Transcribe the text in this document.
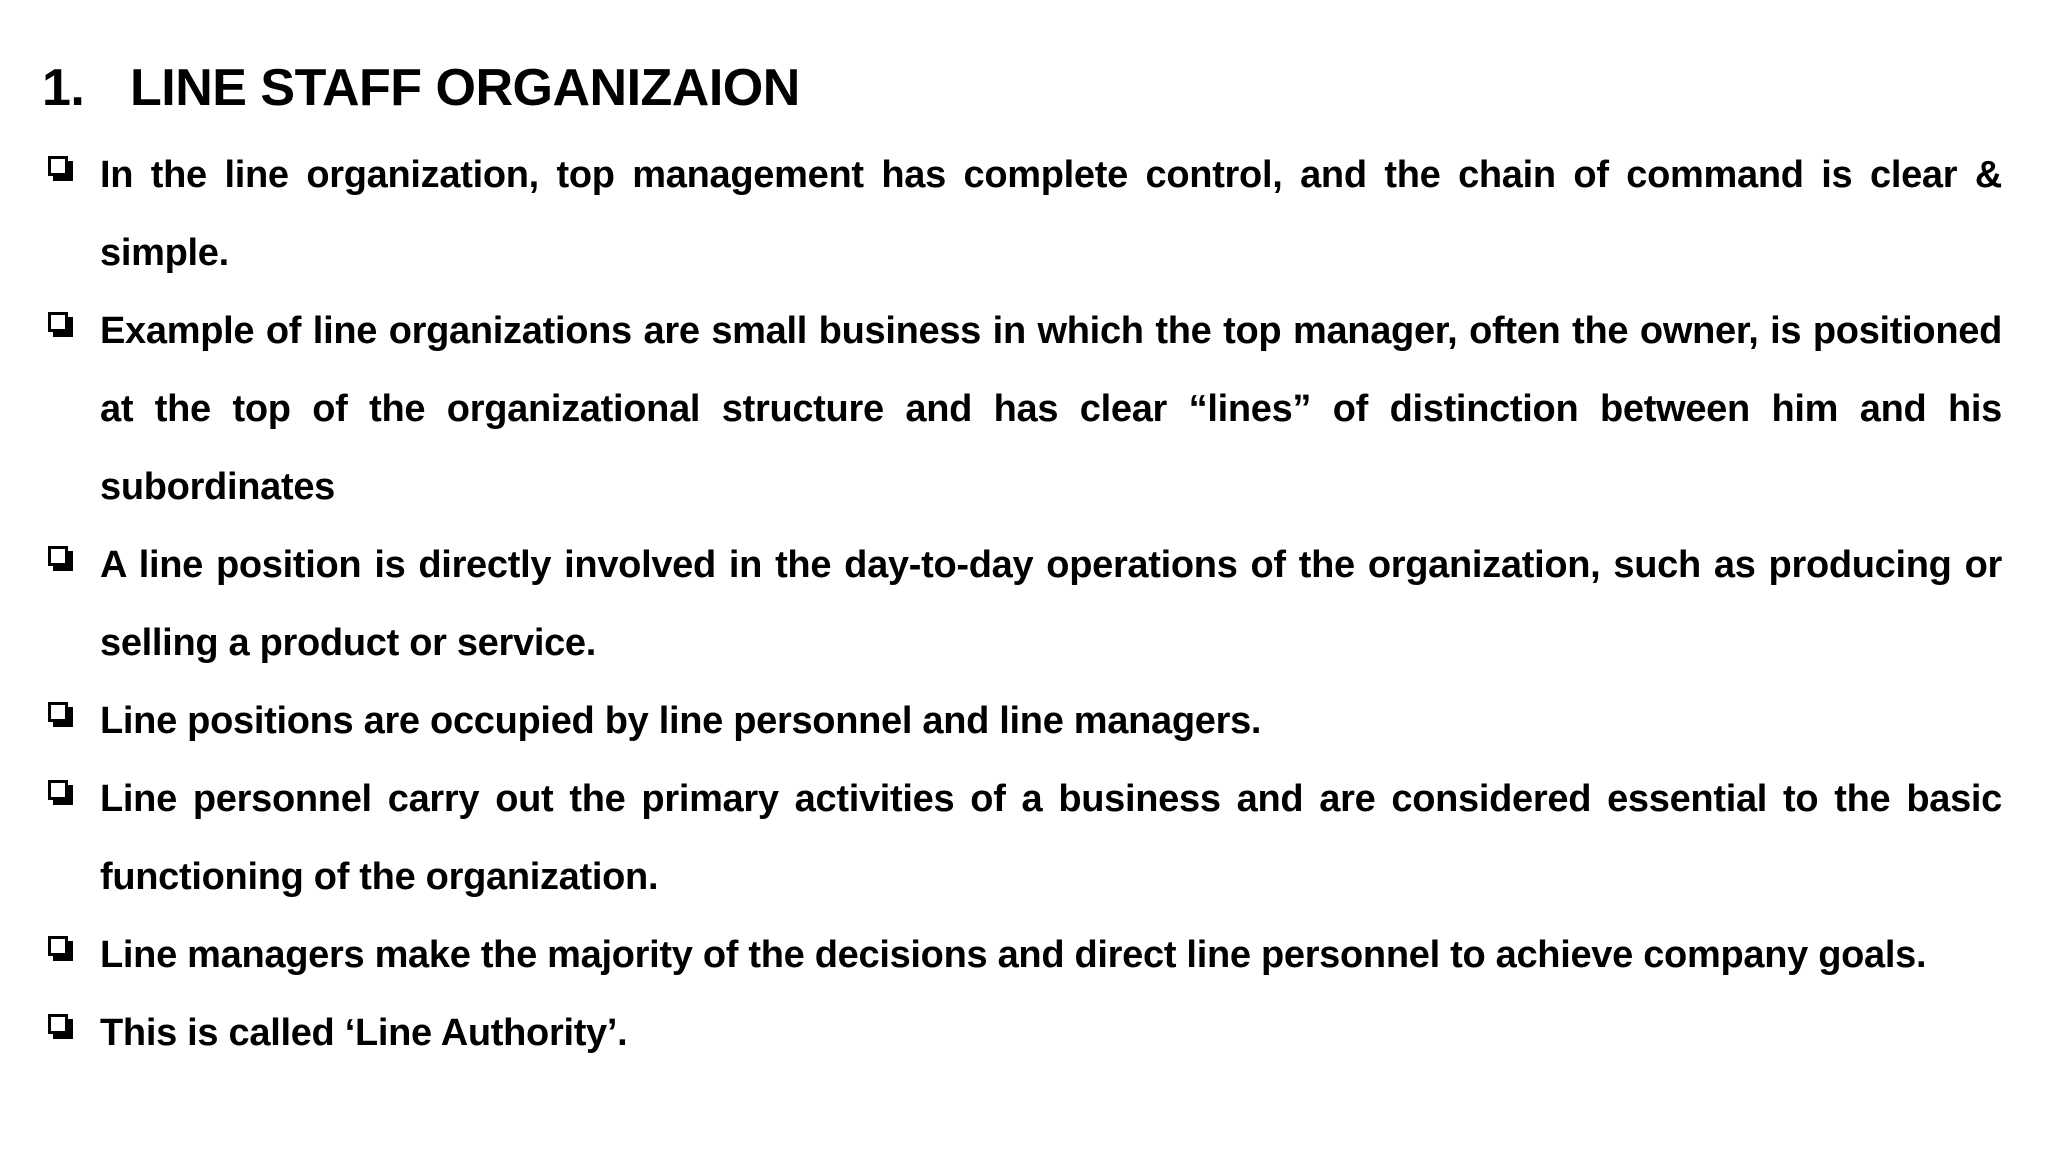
1. LINE STAFF ORGANIZAION
In the line organization, top management has complete control, and the chain of command is clear & simple.
Example of line organizations are small business in which the top manager, often the owner, is positioned at the top of the organizational structure and has clear “lines” of distinction between him and his subordinates
A line position is directly involved in the day-to-day operations of the organization, such as producing or selling a product or service.
Line positions are occupied by line personnel and line managers.
Line personnel carry out the primary activities of a business and are considered essential to the basic functioning of the organization.
Line managers make the majority of the decisions and direct line personnel to achieve company goals.
This is called ‘Line Authority’.
